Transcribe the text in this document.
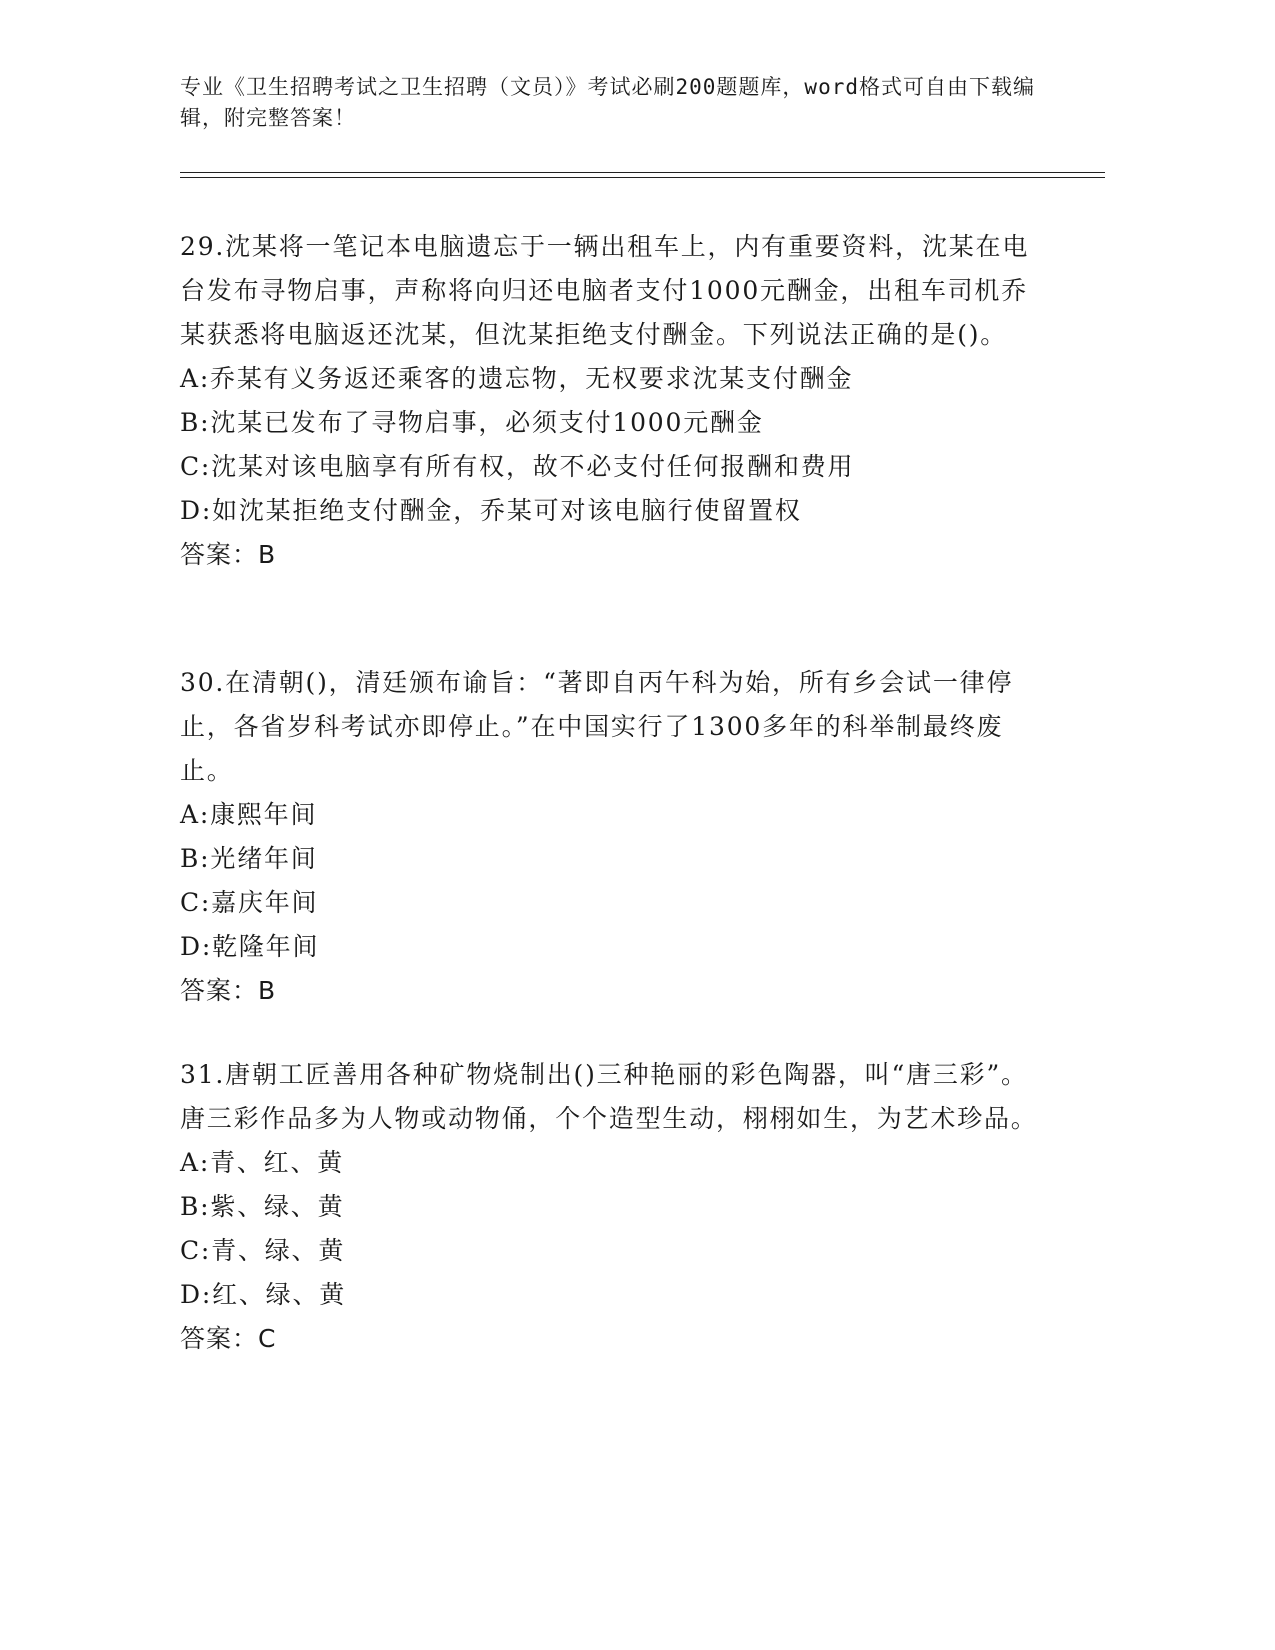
专业《卫生招聘考试之卫生招聘（文员）》考试必刷200题题库，word格式可自由下载编辑，附完整答案！

29.沈某将一笔记本电脑遗忘于一辆出租车上，内有重要资料，沈某在电台发布寻物启事，声称将向归还电脑者支付1000元酬金，出租车司机乔某获悉将电脑返还沈某，但沈某拒绝支付酬金。下列说法正确的是()。

A:乔某有义务返还乘客的遗忘物，无权要求沈某支付酬金

B:沈某已发布了寻物启事，必须支付1000元酬金

C:沈某对该电脑享有所有权，故不必支付任何报酬和费用

D:如沈某拒绝支付酬金，乔某可对该电脑行使留置权

答案：B

30.在清朝()，清廷颁布谕旨：“著即自丙午科为始，所有乡会试一律停止，各省岁科考试亦即停止。”在中国实行了1300多年的科举制最终废止。

A:康熙年间

B:光绪年间

C:嘉庆年间

D:乾隆年间

答案：B

31.唐朝工匠善用各种矿物烧制出()三种艳丽的彩色陶器，叫“唐三彩”。唐三彩作品多为人物或动物俑，个个造型生动，栩栩如生，为艺术珍品。

A:青、红、黄

B:紫、绿、黄

C:青、绿、黄

D:红、绿、黄

答案：C
